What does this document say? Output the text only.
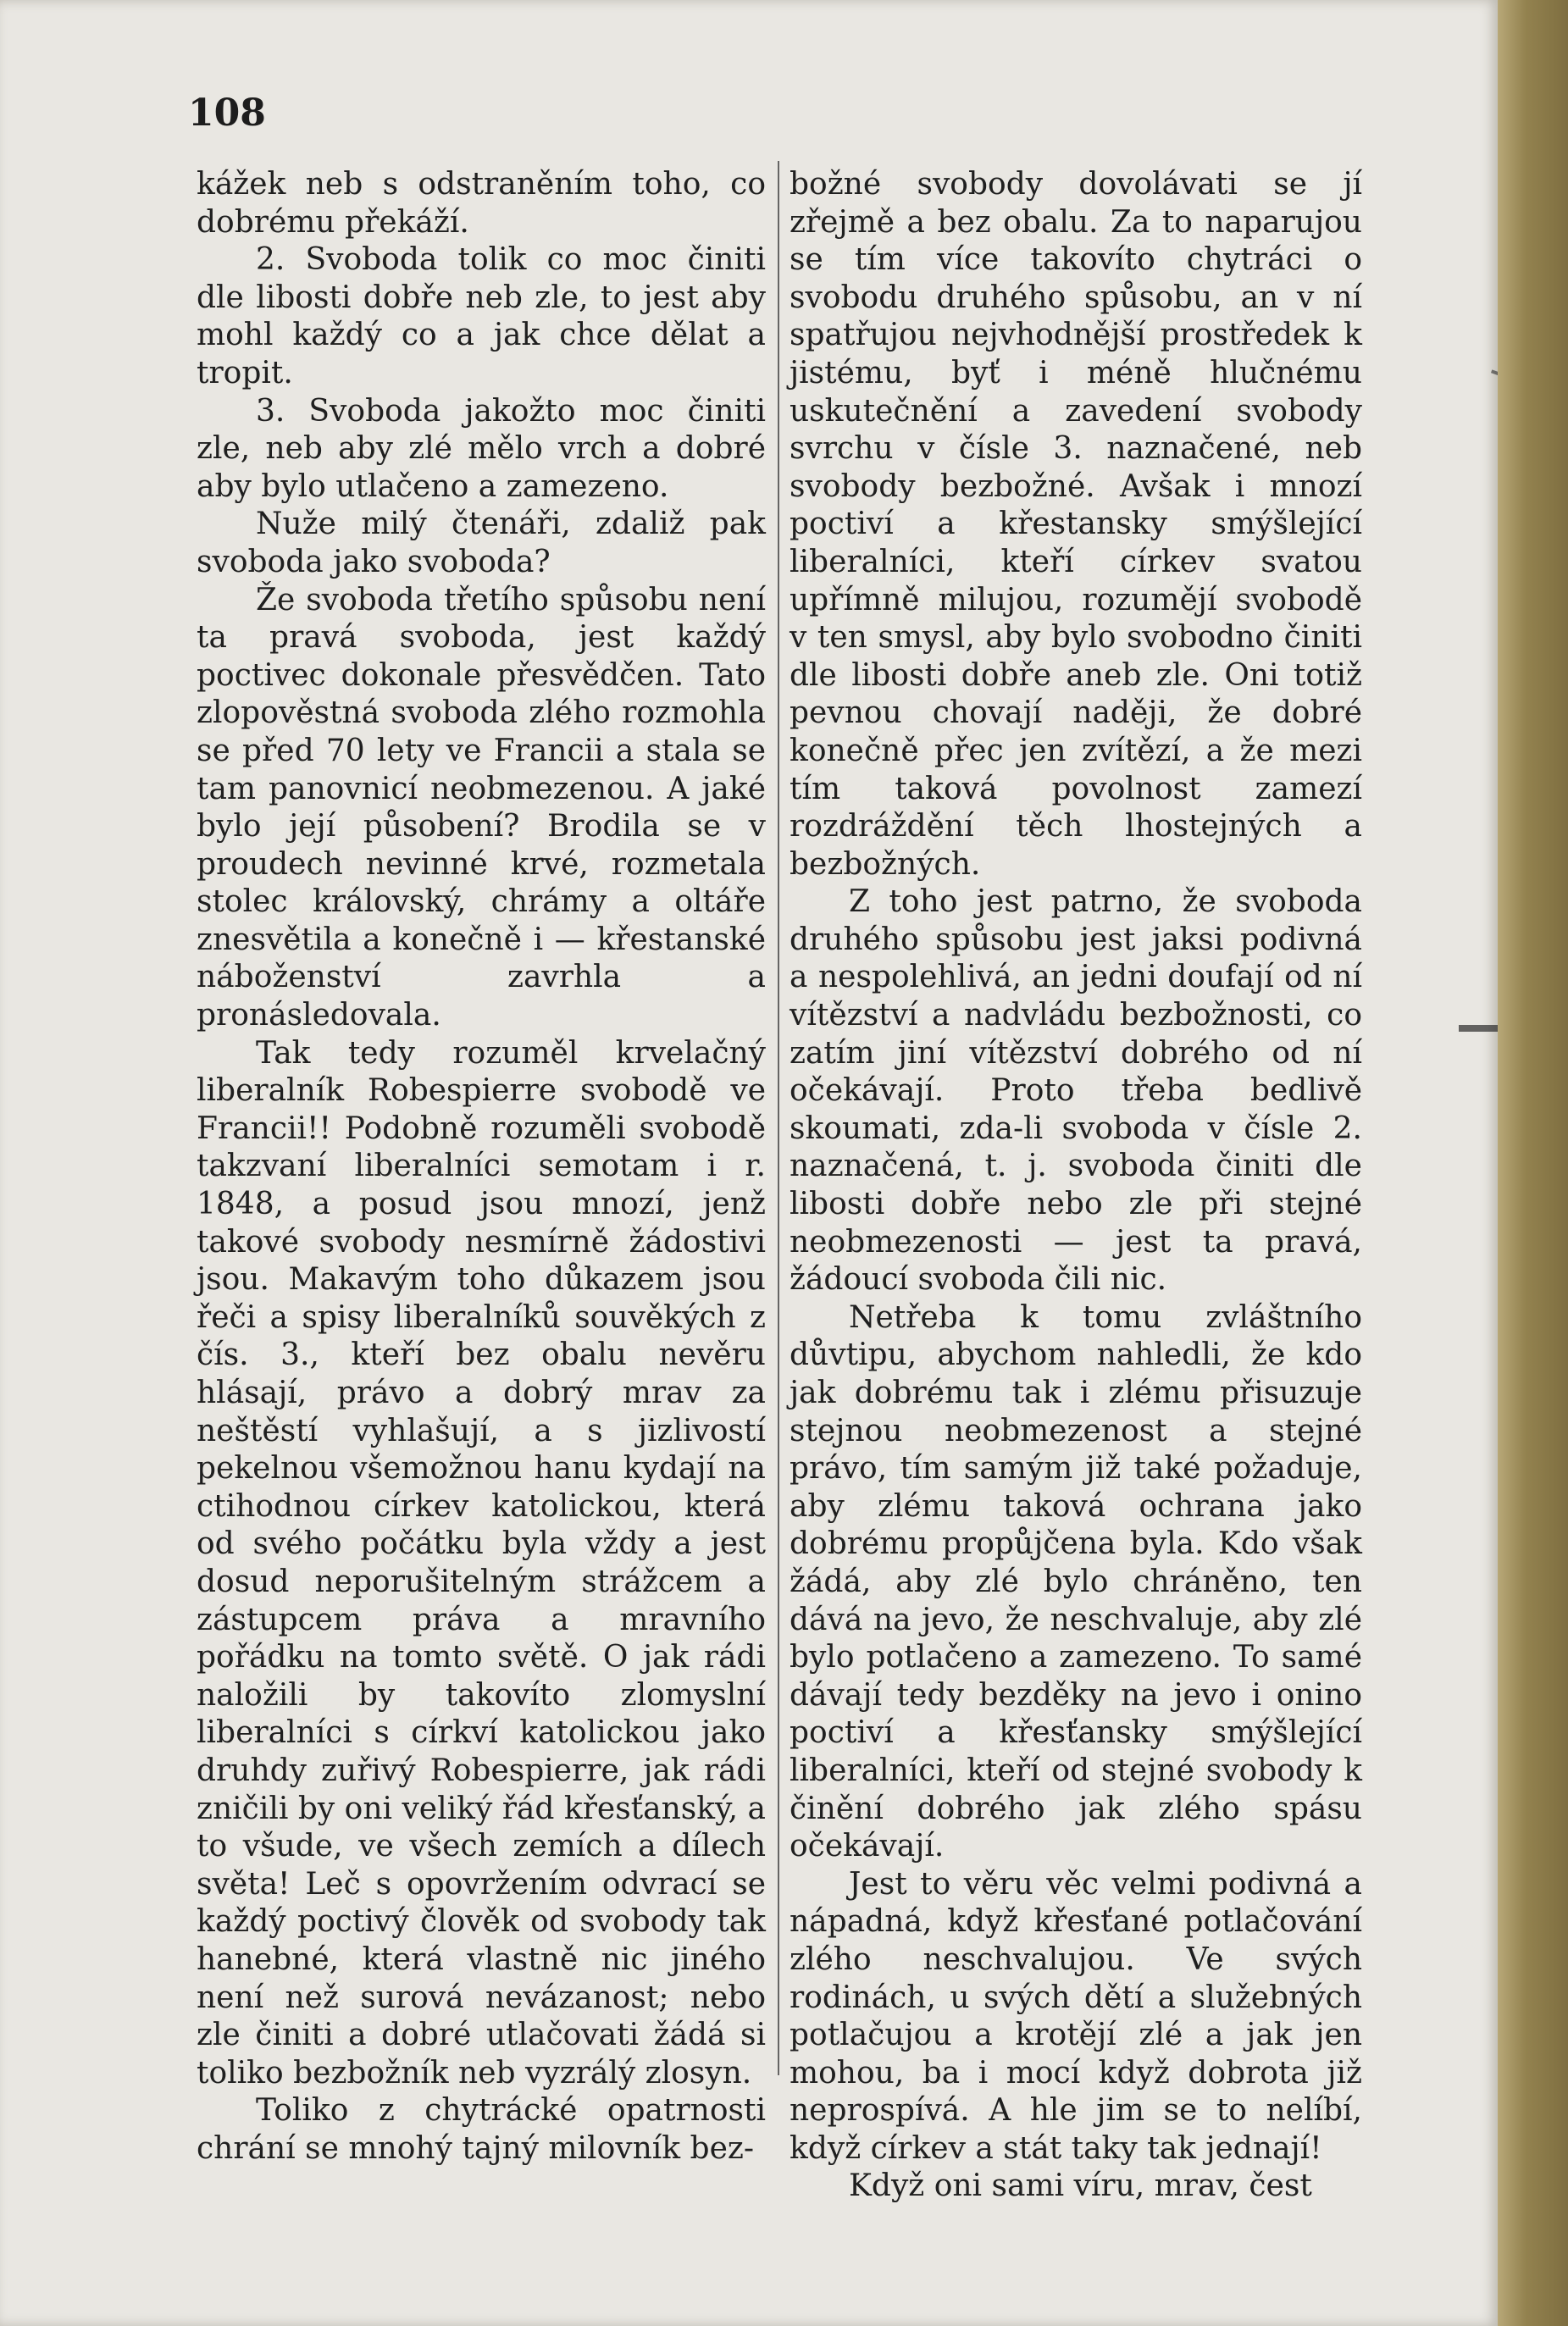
108

kážek neb s odstraněním toho, co dobrému překáží.

2. Svoboda tolik co moc činiti dle libosti dobře neb zle, to jest aby mohl každý co a jak chce dělat a tropit.

3. Svoboda jakožto moc činiti zle, neb aby zlé mělo vrch a dobré aby bylo utlačeno a zamezeno.

Nuže milý čtenáři, zdaliž pak svoboda jako svoboda?

Že svoboda třetího spůsobu není ta pravá svoboda, jest každý poctivec dokonale přesvědčen. Tato zlopověstná svoboda zlého rozmohla se před 70 lety ve Francii a stala se tam panovnicí neobmezenou. A jaké bylo její působení? Brodila se v proudech nevinné krvé, rozmetala stolec královský, chrámy a oltáře znesvětila a konečně i — křestanské náboženství zavrhla a pronásledovala.

Tak tedy rozuměl krvelačný liberalník Robespierre svobodě ve Francii!! Podobně rozuměli svobodě takzvaní liberalníci semotam i r. 1848, a posud jsou mnozí, jenž takové svobody nesmírně žádostivi jsou. Makavým toho důkazem jsou řeči a spisy liberalníků souvěkých z čís. 3., kteří bez obalu nevěru hlásají, právo a dobrý mrav za neštěstí vyhlašují, a s jizlivostí pekelnou všemožnou hanu kydají na ctihodnou církev katolickou, která od svého počátku byla vždy a jest dosud neporušitelným strážcem a zástupcem práva a mravního pořádku na tomto světě. O jak rádi naložili by takovíto zlomyslní liberalníci s církví katolickou jako druhdy zuřivý Robespierre, jak rádi zničili by oni veliký řád křesťanský, a to všude, ve všech zemích a dílech světa! Leč s opovržením odvrací se každý poctivý člověk od svobody tak hanebné, která vlastně nic jiného není než surová nevázanost; nebo zle činiti a dobré utlačovati žádá si toliko bezbožník neb vyzrálý zlosyn.

Toliko z chytrácké opatrnosti chrání se mnohý tajný milovník bez-

božné svobody dovolávati se jí zřejmě a bez obalu. Za to naparujou se tím více takovíto chytráci o svobodu druhého spůsobu, an v ní spatřujou nejvhodnější prostředek k jistému, byť i méně hlučnému uskutečnění a zavedení svobody svrchu v čísle 3. naznačené, neb svobody bezbožné. Avšak i mnozí poctiví a křestansky smýšlející liberalníci, kteří církev svatou upřímně milujou, rozumějí svobodě v ten smysl, aby bylo svobodno činiti dle libosti dobře aneb zle. Oni totiž pevnou chovají naději, že dobré konečně přec jen zvítězí, a že mezi tím taková povolnost zamezí rozdráždění těch lhostejných a bezbožných.

Z toho jest patrno, že svoboda druhého spůsobu jest jaksi podivná a nespolehlivá, an jedni doufají od ní vítězství a nadvládu bezbožnosti, co zatím jiní vítězství dobrého od ní očekávají. Proto třeba bedlivě skoumati, zda-li svoboda v čísle 2. naznačená, t. j. svoboda činiti dle libosti dobře nebo zle při stejné neobmezenosti — jest ta pravá, žádoucí svoboda čili nic.

Netřeba k tomu zvláštního důvtipu, abychom nahledli, že kdo jak dobrému tak i zlému přisuzuje stejnou neobmezenost a stejné právo, tím samým již také požaduje, aby zlému taková ochrana jako dobrému propůjčena byla. Kdo však žádá, aby zlé bylo chráněno, ten dává na jevo, že neschvaluje, aby zlé bylo potlačeno a zamezeno. To samé dávají tedy bezděky na jevo i onino poctiví a křesťansky smýšlející liberalníci, kteří od stejné svobody k činění dobrého jak zlého spásu očekávají.

Jest to věru věc velmi podivná a nápadná, když křesťané potlačování zlého neschvalujou. Ve svých rodinách, u svých dětí a služebných potlačujou a krotějí zlé a jak jen mohou, ba i mocí když dobrota již neprospívá. A hle jim se to nelíbí, když církev a stát taky tak jednají!

Když oni sami víru, mrav, čest
